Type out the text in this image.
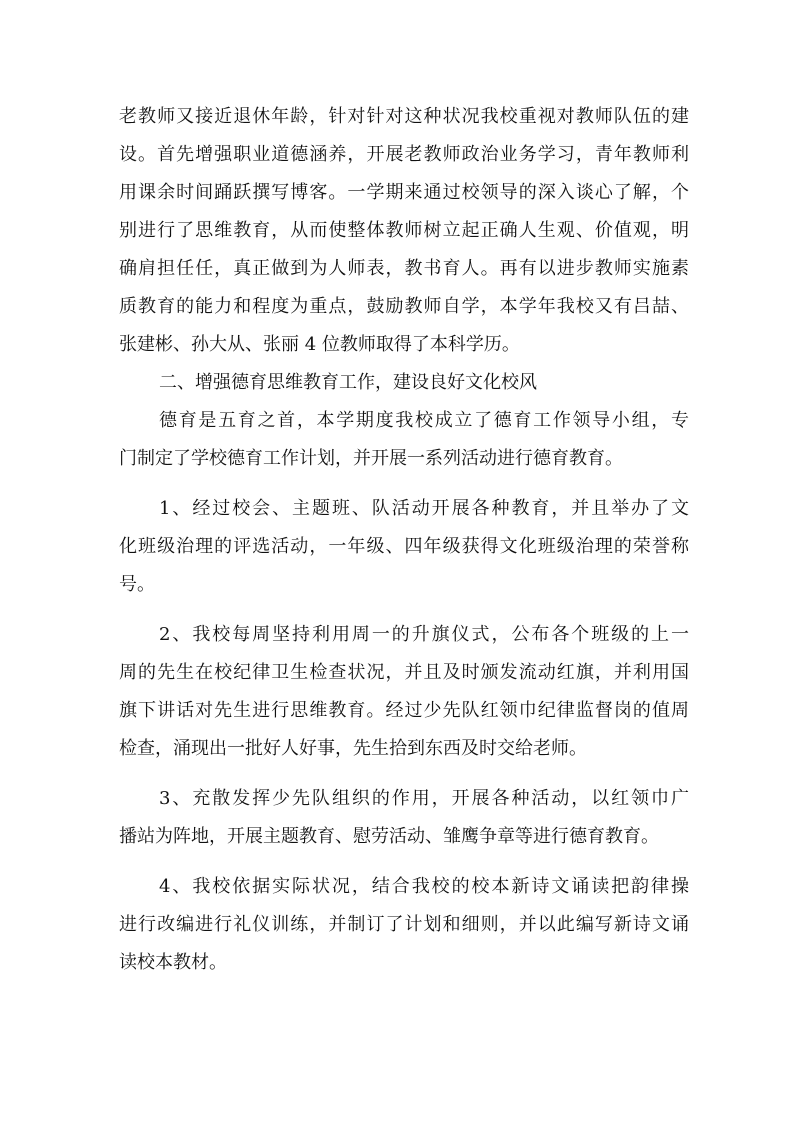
老教师又接近退休年龄，针对针对这种状况我校重视对教师队伍的建
设。首先增强职业道德涵养，开展老教师政治业务学习，青年教师利
用课余时间踊跃撰写博客。一学期来通过校领导的深入谈心了解，个
别进行了思维教育，从而使整体教师树立起正确人生观、价值观，明
确肩担任任，真正做到为人师表，教书育人。再有以进步教师实施素
质教育的能力和程度为重点，鼓励教师自学，本学年我校又有吕喆、
张建彬、孙大从、张丽 4 位教师取得了本科学历。
二、增强德育思维教育工作，建设良好文化校风
德育是五育之首，本学期度我校成立了德育工作领导小组，专
门制定了学校德育工作计划，并开展一系列活动进行德育教育。
1、经过校会、主题班、队活动开展各种教育，并且举办了文
化班级治理的评选活动，一年级、四年级获得文化班级治理的荣誉称
号。
2、我校每周坚持利用周一的升旗仪式，公布各个班级的上一
周的先生在校纪律卫生检查状况，并且及时颁发流动红旗，并利用国
旗下讲话对先生进行思维教育。经过少先队红领巾纪律监督岗的值周
检查，涌现出一批好人好事，先生拾到东西及时交给老师。
3、充散发挥少先队组织的作用，开展各种活动，以红领巾广
播站为阵地，开展主题教育、慰劳活动、雏鹰争章等进行德育教育。
4、我校依据实际状况，结合我校的校本新诗文诵读把韵律操
进行改编进行礼仪训练，并制订了计划和细则，并以此编写新诗文诵
读校本教材。
